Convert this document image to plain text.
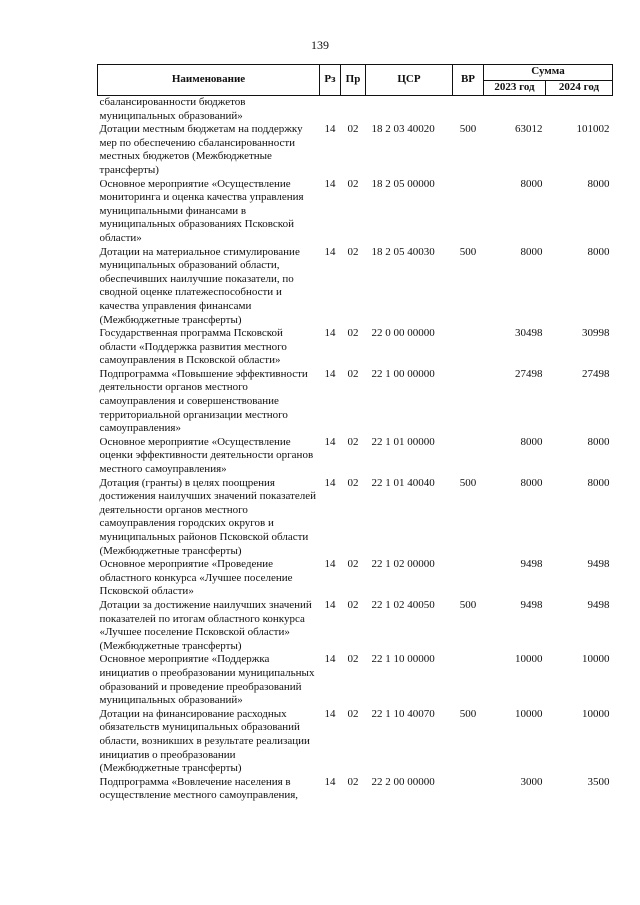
139
Наименование	Рз	Пр	ЦСР	ВР	Сумма	
					2023 год	2024 год
сбалансированности бюджетов муниципальных образований»						
Дотации местным бюджетам на поддержку мер по обеспечению сбалансированности местных бюджетов (Межбюджетные трансферты)	14	02	18 2 03 40020	500	63012	101002
Основное мероприятие «Осуществление мониторинга и оценка качества управления муниципальными финансами в муниципальных образованиях Псковской области»	14	02	18 2 05 00000		8000	8000
Дотации на материальное стимулирование муниципальных образований области, обеспечивших наилучшие показатели, по сводной оценке платежеспособности и качества управления финансами (Межбюджетные трансферты)	14	02	18 2 05 40030	500	8000	8000
Государственная программа Псковской области «Поддержка развития местного самоуправления в Псковской области»	14	02	22 0 00 00000		30498	30998
Подпрограмма «Повышение эффективности деятельности органов местного самоуправления и совершенствование территориальной организации местного самоуправления»	14	02	22 1 00 00000		27498	27498
Основное мероприятие «Осуществление оценки эффективности деятельности органов местного самоуправления»	14	02	22 1 01 00000		8000	8000
Дотация (гранты) в целях поощрения достижения наилучших значений показателей деятельности органов местного самоуправления городских округов и муниципальных районов Псковской области (Межбюджетные трансферты)	14	02	22 1 01 40040	500	8000	8000
Основное мероприятие «Проведение областного конкурса «Лучшее поселение Псковской области»	14	02	22 1 02 00000		9498	9498
Дотации за достижение наилучших значений показателей по итогам областного конкурса «Лучшее поселение Псковской области» (Межбюджетные трансферты)	14	02	22 1 02 40050	500	9498	9498
Основное мероприятие «Поддержка инициатив о преобразовании муниципальных образований и проведение преобразований муниципальных образований»	14	02	22 1 10 00000		10000	10000
Дотации на финансирование расходных обязательств муниципальных образований области, возникших в результате реализации инициатив о преобразовании (Межбюджетные трансферты)	14	02	22 1 10 40070	500	10000	10000
Подпрограмма «Вовлечение населения в осуществление местного самоуправления,	14	02	22 2 00 00000		3000	3500
